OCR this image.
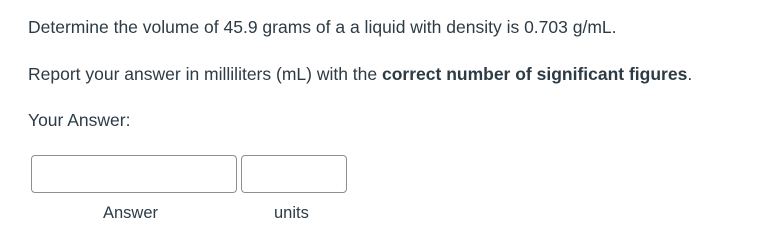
Determine the volume of 45.9 grams of a a liquid with density is 0.703 g/mL.
Report your answer in milliliters (mL) with the correct number of significant figures.
Your Answer:
Answer	units
